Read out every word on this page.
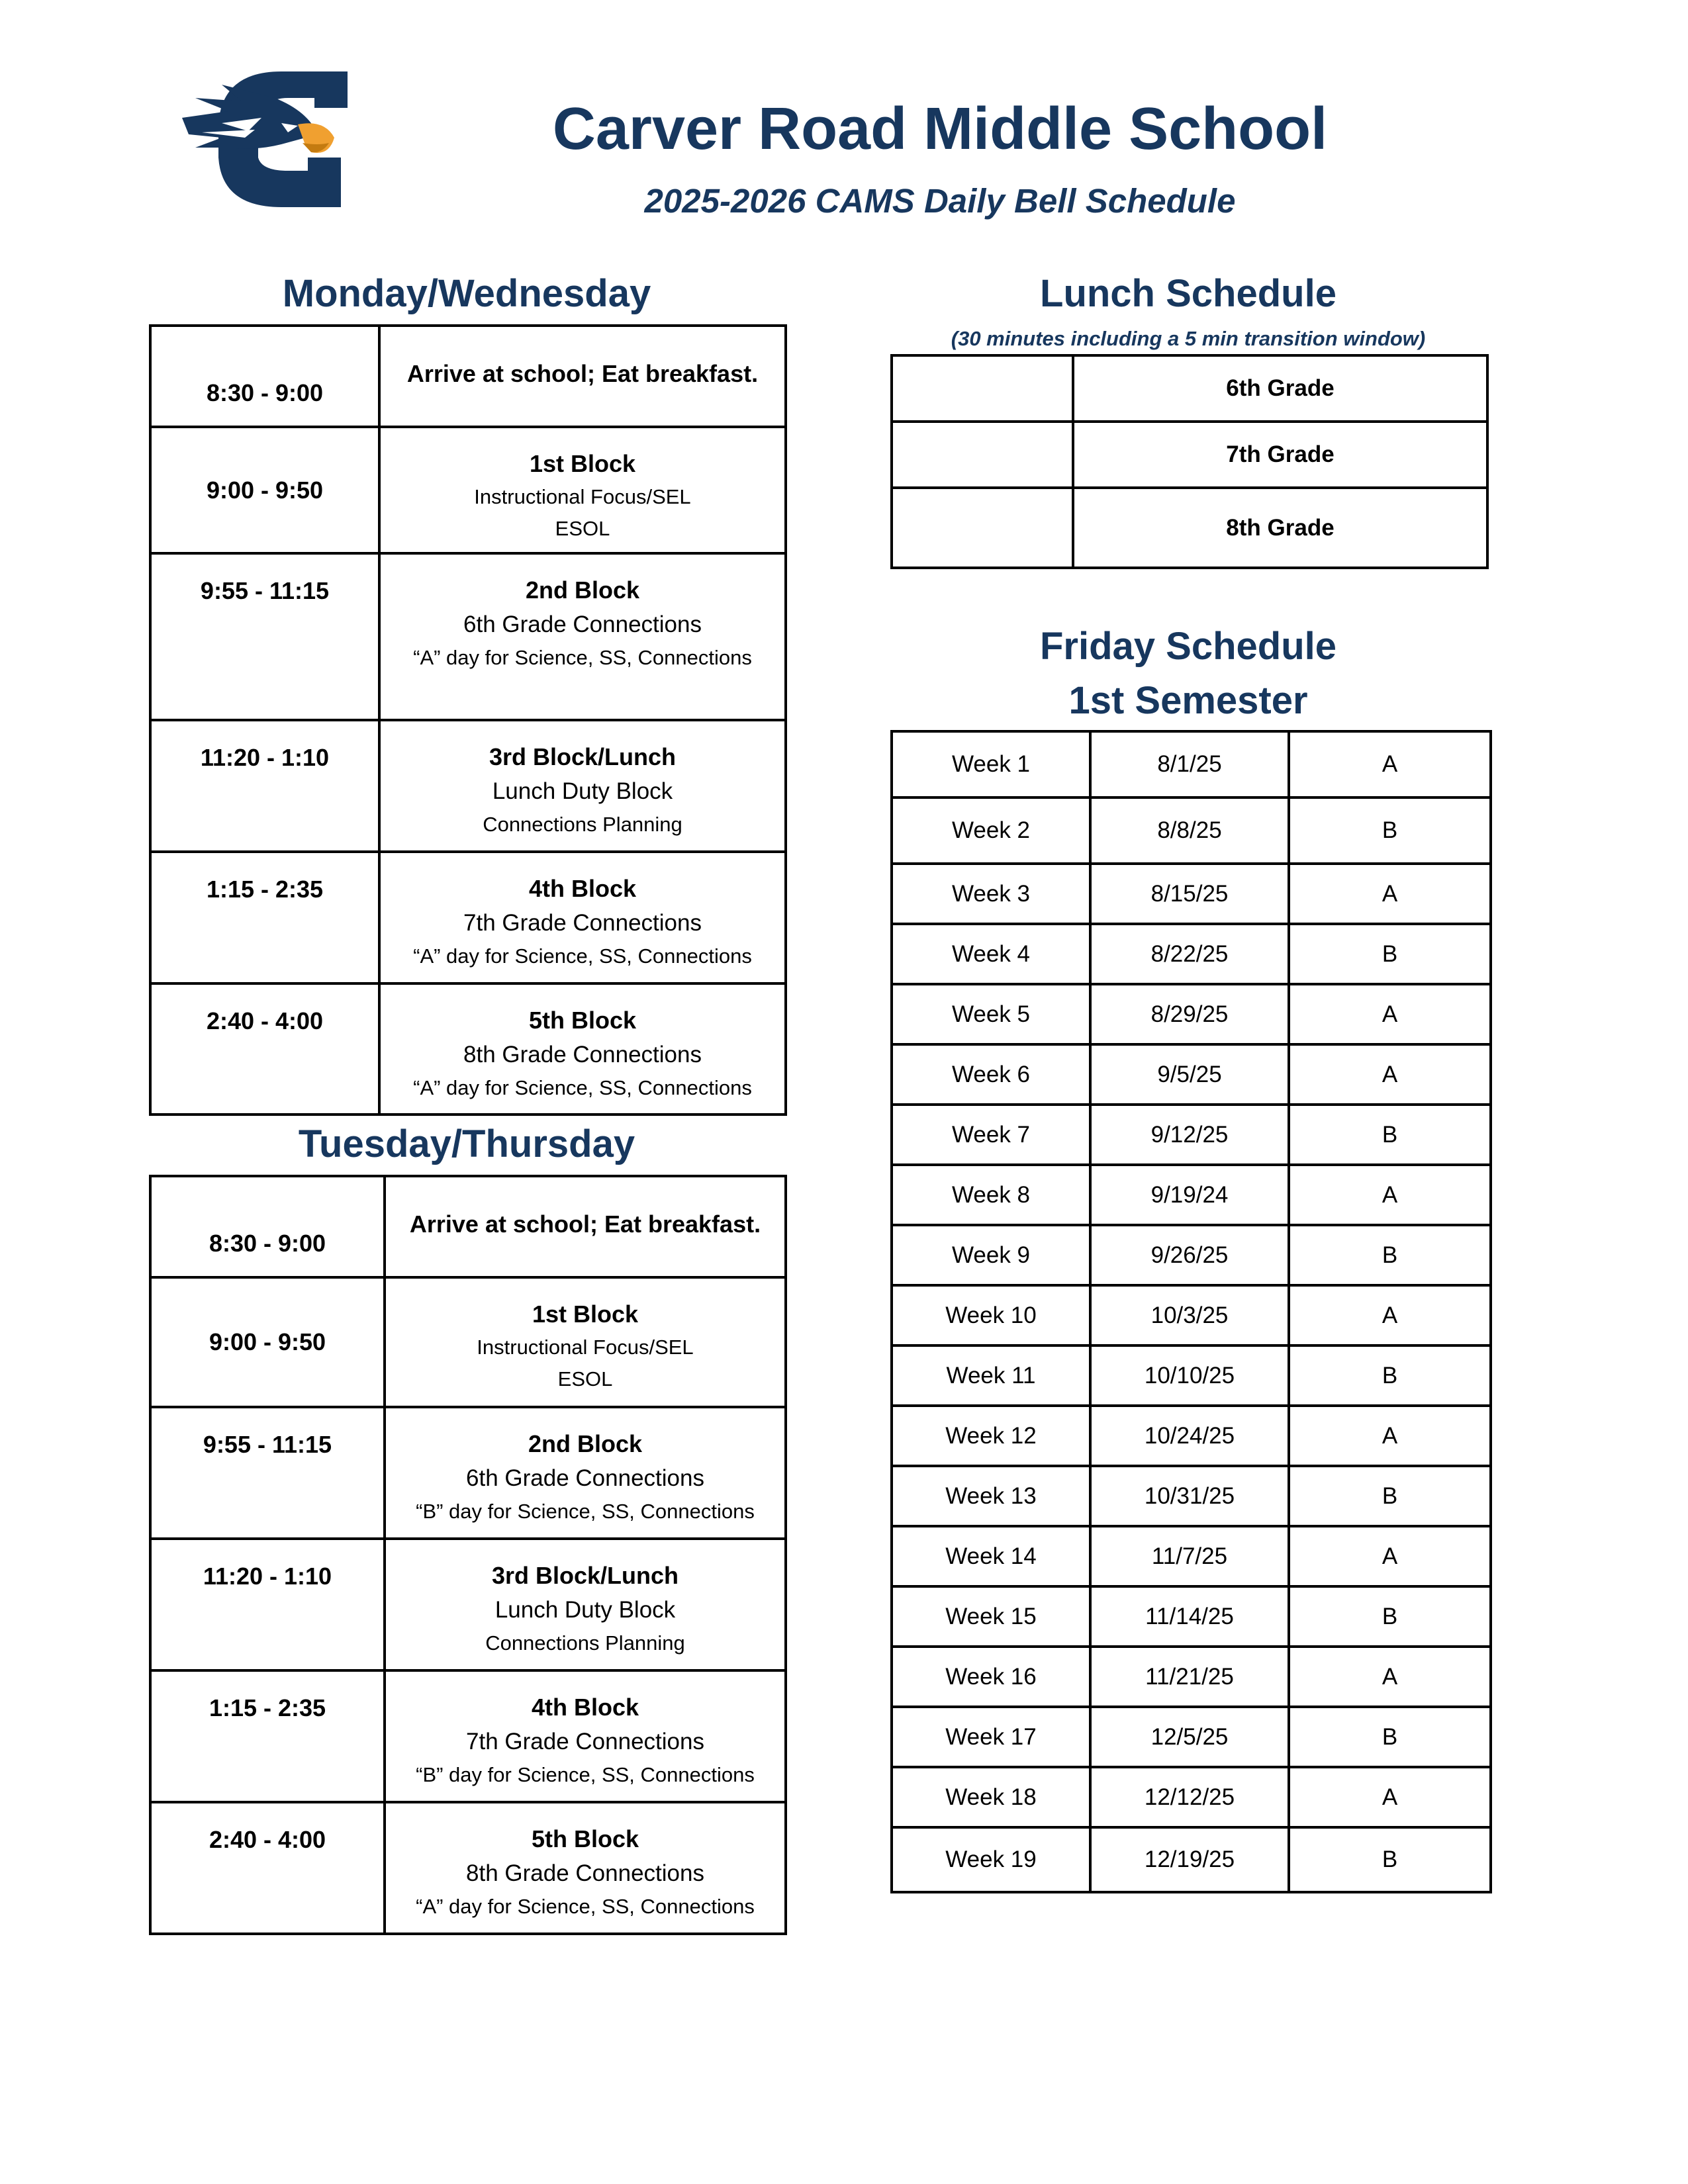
Carver Road Middle School
2025-2026 CAMS Daily Bell Schedule
Monday/Wednesday
8:30 - 9:00	Arrive at school; Eat breakfast.

9:00 - 9:50	1st Block
Instructional Focus/SEL
ESOL

9:55 - 11:15	2nd Block
6th Grade Connections
“A” day for Science, SS, Connections

11:20 - 1:10	3rd Block/Lunch
Lunch Duty Block
Connections Planning

1:15 - 2:35	4th Block
7th Grade Connections
“A” day for Science, SS, Connections

2:40 - 4:00	5th Block
8th Grade Connections
“A” day for Science, SS, Connections
Tuesday/Thursday
8:30 - 9:00	Arrive at school; Eat breakfast.

9:00 - 9:50	1st Block
Instructional Focus/SEL
ESOL

9:55 - 11:15	2nd Block
6th Grade Connections
“B” day for Science, SS, Connections

11:20 - 1:10	3rd Block/Lunch
Lunch Duty Block
Connections Planning

1:15 - 2:35	4th Block
7th Grade Connections
“B” day for Science, SS, Connections

2:40 - 4:00	5th Block
8th Grade Connections
“A” day for Science, SS, Connections
Lunch Schedule
(30 minutes including a 5 min transition window)
	6th Grade
	7th Grade
	8th Grade
Friday Schedule
1st Semester
Week 1	8/1/25	A
Week 2	8/8/25	B
Week 3	8/15/25	A
Week 4	8/22/25	B
Week 5	8/29/25	A
Week 6	9/5/25	A
Week 7	9/12/25	B
Week 8	9/19/24	A
Week 9	9/26/25	B
Week 10	10/3/25	A
Week 11	10/10/25	B
Week 12	10/24/25	A
Week 13	10/31/25	B
Week 14	11/7/25	A
Week 15	11/14/25	B
Week 16	11/21/25	A
Week 17	12/5/25	B
Week 18	12/12/25	A
Week 19	12/19/25	B
